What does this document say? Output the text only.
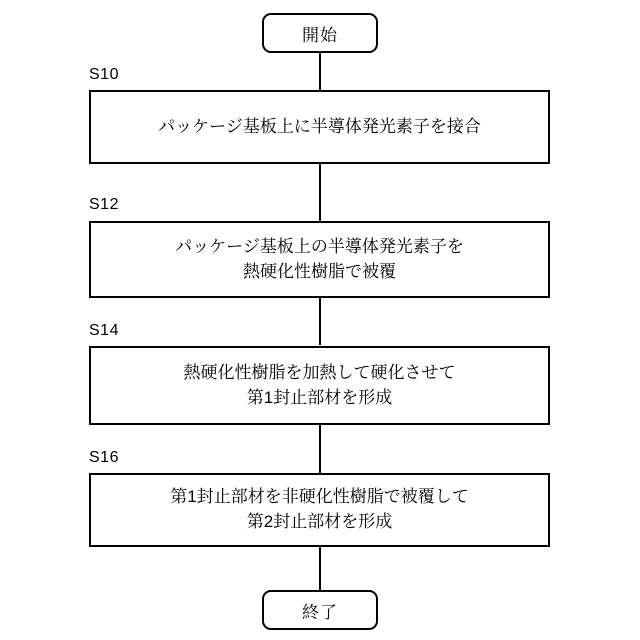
開始
S10
パッケージ基板上に半導体発光素子を接合
S12
パッケージ基板上の半導体発光素子を
熱硬化性樹脂で被覆
S14
熱硬化性樹脂を加熱して硬化させて
第1封止部材を形成
S16
第1封止部材を非硬化性樹脂で被覆して
第2封止部材を形成
終了
